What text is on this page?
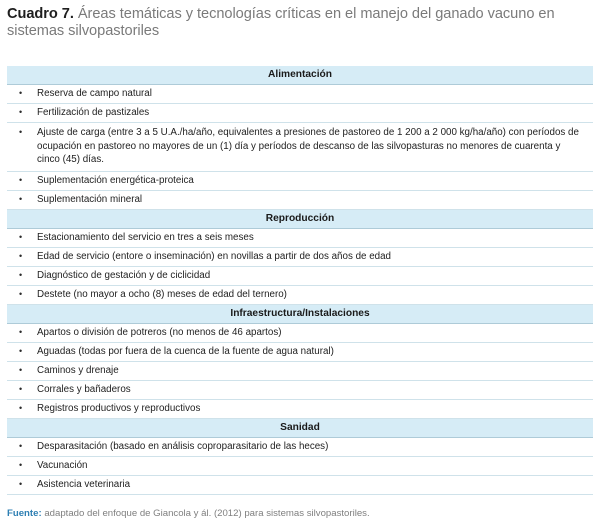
Cuadro 7. Áreas temáticas y tecnologías críticas en el manejo del ganado vacuno en sistemas silvopastoriles
Alimentación
• Reserva de campo natural
• Fertilización de pastizales
• Ajuste de carga (entre 3 a 5 U.A./ha/año, equivalentes a presiones de pastoreo de 1 200 a 2 000 kg/ha/año) con períodos de ocupación en pastoreo no mayores de un (1) día y períodos de descanso de las silvopasturas no menores de cuarenta y cinco (45) días.
• Suplementación energética-proteica
• Suplementación mineral
Reproducción
• Estacionamiento del servicio en tres a seis meses
• Edad de servicio (entore o inseminación) en novillas a partir de dos años de edad
• Diagnóstico de gestación y de ciclicidad
• Destete (no mayor a ocho (8) meses de edad del ternero)
Infraestructura/Instalaciones
• Apartos o división de potreros (no menos de 46 apartos)
• Aguadas (todas por fuera de la cuenca de la fuente de agua natural)
• Caminos y drenaje
• Corrales y bañaderos
• Registros productivos y reproductivos
Sanidad
• Desparasitación (basado en análisis coproparasitario de las heces)
• Vacunación
• Asistencia veterinaria
Fuente: adaptado del enfoque de Giancola y ál. (2012) para sistemas silvopastoriles.
